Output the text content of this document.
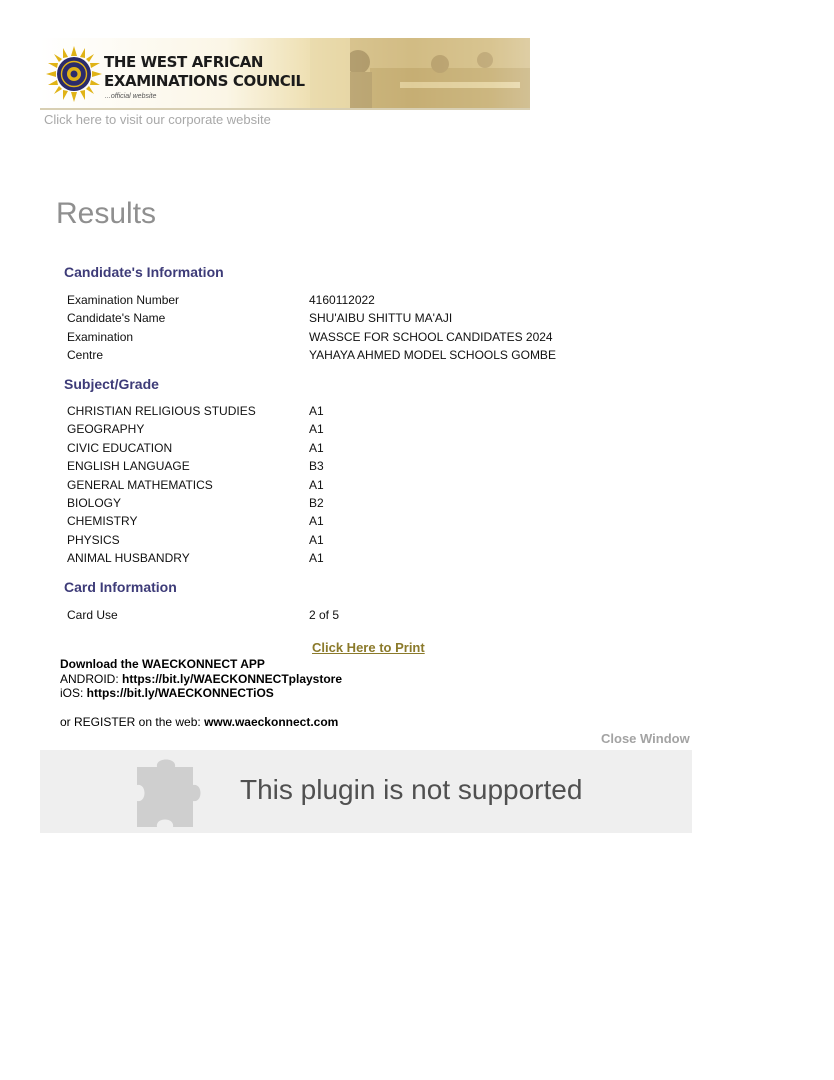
THE WEST AFRICAN
EXAMINATIONS COUNCIL
...official website
Click here to visit our corporate website
Results
Candidate's Information
Examination Number	4160112022
Candidate's Name	SHU'AIBU SHITTU MA'AJI
Examination	WASSCE FOR SCHOOL CANDIDATES 2024
Centre	YAHAYA AHMED MODEL SCHOOLS GOMBE
Subject/Grade
CHRISTIAN RELIGIOUS STUDIES	A1
GEOGRAPHY	A1
CIVIC EDUCATION	A1
ENGLISH LANGUAGE	B3
GENERAL MATHEMATICS	A1
BIOLOGY	B2
CHEMISTRY	A1
PHYSICS	A1
ANIMAL HUSBANDRY	A1
Card Information
Card Use	2 of 5
Click Here to Print
Download the WAECKONNECT APP
ANDROID: https://bit.ly/WAECKONNECTplaystore
iOS: https://bit.ly/WAECKONNECTiOS
or REGISTER on the web: www.waeckonnect.com
Close Window
This plugin is not supported
